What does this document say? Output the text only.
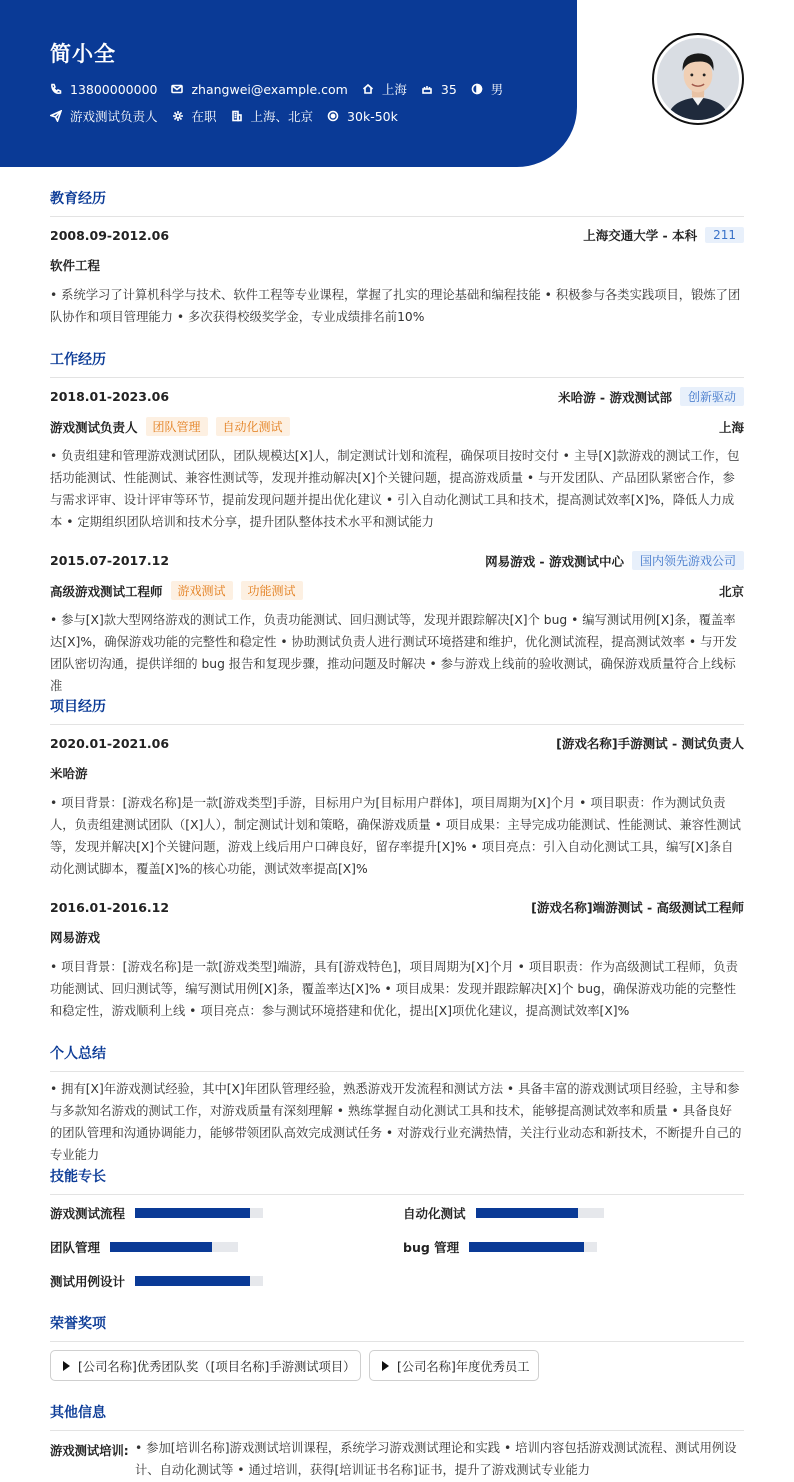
简小全
13800000000	zhangwei@example.com	上海	35	男
游戏测试负责人	在职	上海、北京	30k-50k
教育经历
2008.09-2012.06	上海交通大学 - 本科	211
软件工程
• 系统学习了计算机科学与技术、软件工程等专业课程，掌握了扎实的理论基础和编程技能 • 积极参与各类实践项目，锻炼了团队协作和项目管理能力 • 多次获得校级奖学金，专业成绩排名前10%
工作经历
2018.01-2023.06	米哈游 - 游戏测试部	创新驱动
游戏测试负责人	团队管理	自动化测试	上海
• 负责组建和管理游戏测试团队，团队规模达[X]人，制定测试计划和流程，确保项目按时交付 • 主导[X]款游戏的测试工作，包括功能测试、性能测试、兼容性测试等，发现并推动解决[X]个关键问题，提高游戏质量 • 与开发团队、产品团队紧密合作，参与需求评审、设计评审等环节，提前发现问题并提出优化建议 • 引入自动化测试工具和技术，提高测试效率[X]%，降低人力成本 • 定期组织团队培训和技术分享，提升团队整体技术水平和测试能力
2015.07-2017.12	网易游戏 - 游戏测试中心	国内领先游戏公司
高级游戏测试工程师	游戏测试	功能测试	北京
• 参与[X]款大型网络游戏的测试工作，负责功能测试、回归测试等，发现并跟踪解决[X]个 bug • 编写测试用例[X]条，覆盖率达[X]%，确保游戏功能的完整性和稳定性 • 协助测试负责人进行测试环境搭建和维护，优化测试流程，提高测试效率 • 与开发团队密切沟通，提供详细的 bug 报告和复现步骤，推动问题及时解决 • 参与游戏上线前的验收测试，确保游戏质量符合上线标准
项目经历
2020.01-2021.06	[游戏名称]手游测试 - 测试负责人
米哈游
• 项目背景：[游戏名称]是一款[游戏类型]手游，目标用户为[目标用户群体]，项目周期为[X]个月 • 项目职责：作为测试负责人，负责组建测试团队（[X]人），制定测试计划和策略，确保游戏质量 • 项目成果：主导完成功能测试、性能测试、兼容性测试等，发现并解决[X]个关键问题，游戏上线后用户口碑良好，留存率提升[X]% • 项目亮点：引入自动化测试工具，编写[X]条自动化测试脚本，覆盖[X]%的核心功能，测试效率提高[X]%
2016.01-2016.12	[游戏名称]端游测试 - 高级测试工程师
网易游戏
• 项目背景：[游戏名称]是一款[游戏类型]端游，具有[游戏特色]，项目周期为[X]个月 • 项目职责：作为高级测试工程师，负责功能测试、回归测试等，编写测试用例[X]条，覆盖率达[X]% • 项目成果：发现并跟踪解决[X]个 bug，确保游戏功能的完整性和稳定性，游戏顺利上线 • 项目亮点：参与测试环境搭建和优化，提出[X]项优化建议，提高测试效率[X]%
个人总结
• 拥有[X]年游戏测试经验，其中[X]年团队管理经验，熟悉游戏开发流程和测试方法 • 具备丰富的游戏测试项目经验，主导和参与多款知名游戏的测试工作，对游戏质量有深刻理解 • 熟练掌握自动化测试工具和技术，能够提高测试效率和质量 • 具备良好的团队管理和沟通协调能力，能够带领团队高效完成测试任务 • 对游戏行业充满热情，关注行业动态和新技术，不断提升自己的专业能力
技能专长
游戏测试流程	自动化测试
团队管理	bug 管理
测试用例设计
荣誉奖项
[公司名称]优秀团队奖（[项目名称]手游测试项目）	[公司名称]年度优秀员工
其他信息
游戏测试培训: • 参加[培训名称]游戏测试培训课程，系统学习游戏测试理论和实践 • 培训内容包括游戏测试流程、测试用例设计、自动化测试等 • 通过培训，获得[培训证书名称]证书，提升了游戏测试专业能力
